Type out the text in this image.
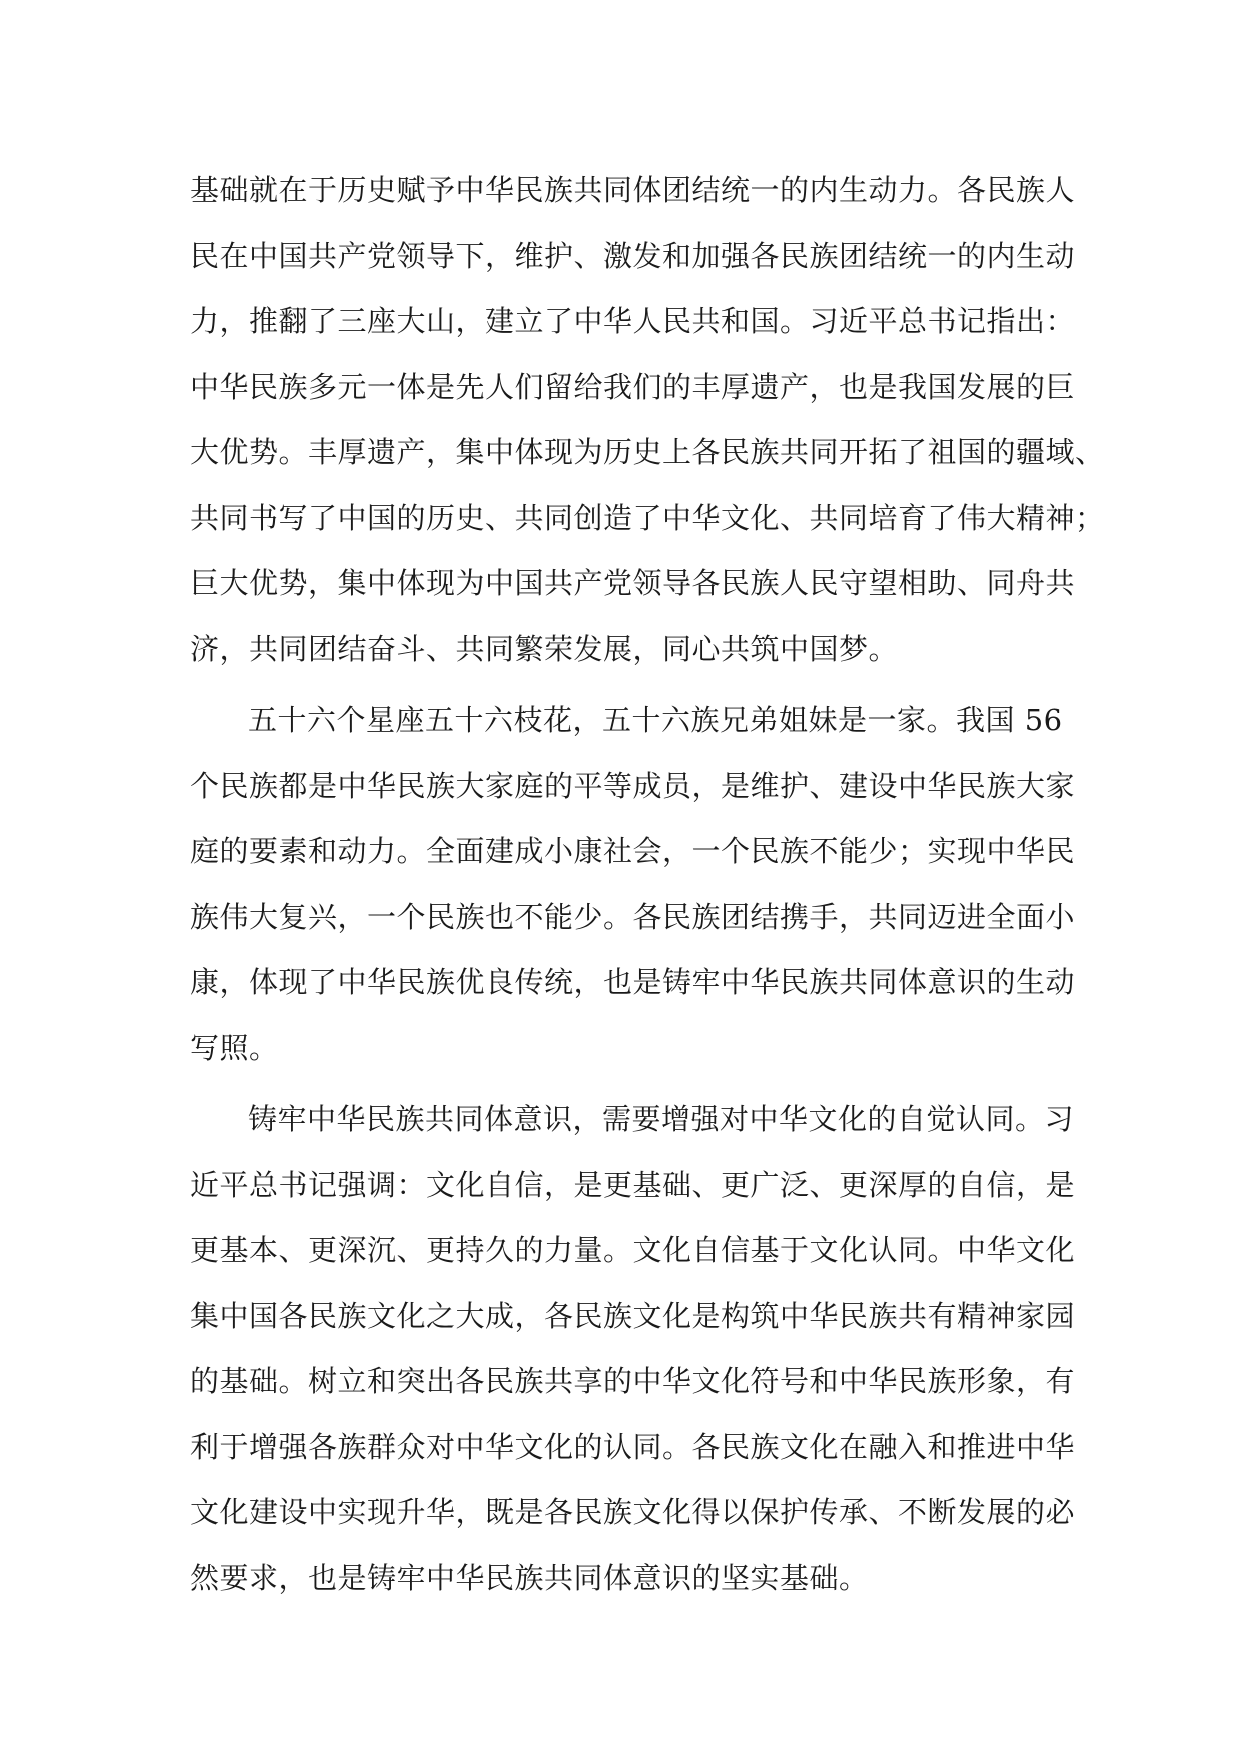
基础就在于历史赋予中华民族共同体团结统一的内生动力。各民族人
民在中国共产党领导下，维护、激发和加强各民族团结统一的内生动
力，推翻了三座大山，建立了中华人民共和国。习近平总书记指出：
中华民族多元一体是先人们留给我们的丰厚遗产，也是我国发展的巨
大优势。丰厚遗产，集中体现为历史上各民族共同开拓了祖国的疆域、
共同书写了中国的历史、共同创造了中华文化、共同培育了伟大精神；
巨大优势，集中体现为中国共产党领导各民族人民守望相助、同舟共
济，共同团结奋斗、共同繁荣发展，同心共筑中国梦。
五十六个星座五十六枝花，五十六族兄弟姐妹是一家。我国 56
个民族都是中华民族大家庭的平等成员，是维护、建设中华民族大家
庭的要素和动力。全面建成小康社会，一个民族不能少；实现中华民
族伟大复兴，一个民族也不能少。各民族团结携手，共同迈进全面小
康，体现了中华民族优良传统，也是铸牢中华民族共同体意识的生动
写照。
铸牢中华民族共同体意识，需要增强对中华文化的自觉认同。习
近平总书记强调：文化自信，是更基础、更广泛、更深厚的自信，是
更基本、更深沉、更持久的力量。文化自信基于文化认同。中华文化
集中国各民族文化之大成，各民族文化是构筑中华民族共有精神家园
的基础。树立和突出各民族共享的中华文化符号和中华民族形象，有
利于增强各族群众对中华文化的认同。各民族文化在融入和推进中华
文化建设中实现升华，既是各民族文化得以保护传承、不断发展的必
然要求，也是铸牢中华民族共同体意识的坚实基础。
